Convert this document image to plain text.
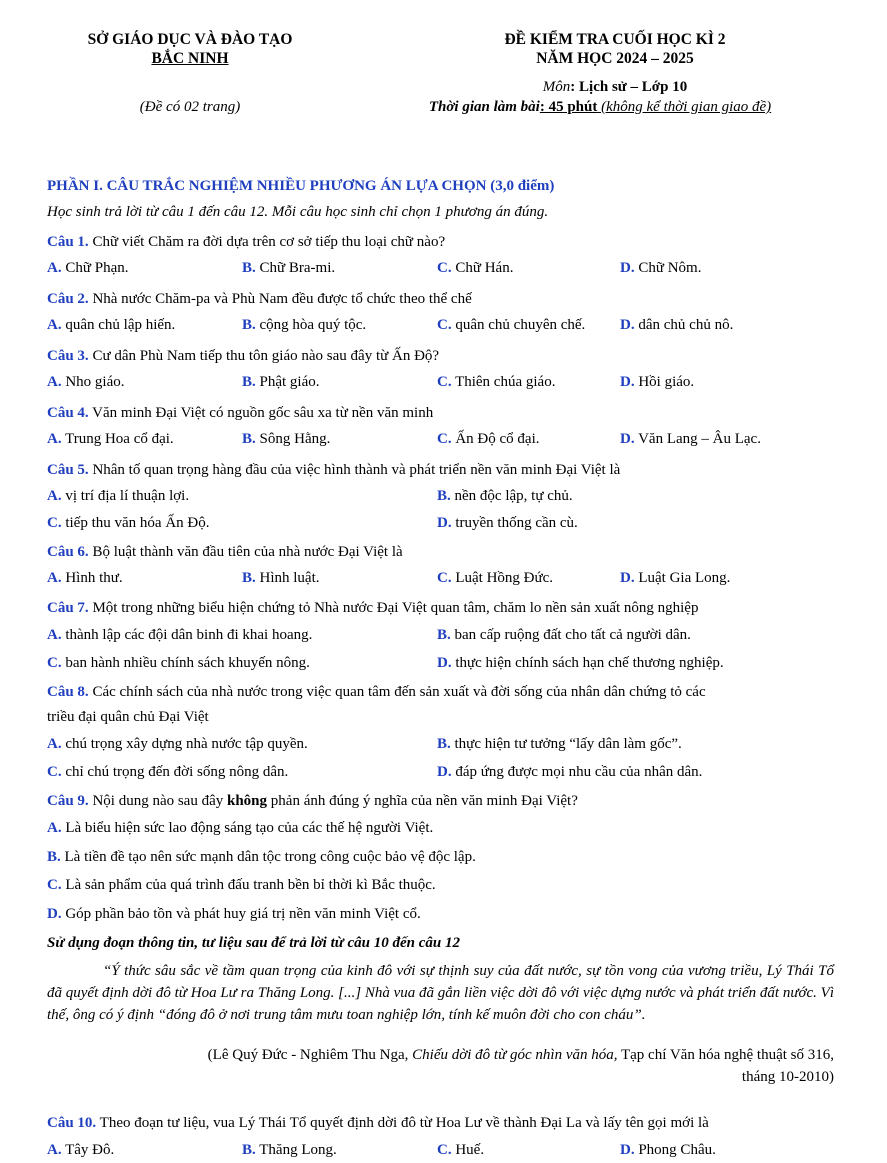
SỞ GIÁO DỤC VÀ ĐÀO TẠO
BẮC NINH
ĐỀ KIỂM TRA CUỐI HỌC KÌ 2
NĂM HỌC 2024 – 2025
Môn: Lịch sử – Lớp 10
(Đề có 02 trang)	Thời gian làm bài: 45 phút (không kể thời gian giao đề)
PHẦN I. CÂU TRẮC NGHIỆM NHIỀU PHƯƠNG ÁN LỰA CHỌN (3,0 điểm)
Học sinh trả lời từ câu 1 đến câu 12. Mỗi câu học sinh chỉ chọn 1 phương án đúng.
Câu 1. Chữ viết Chăm ra đời dựa trên cơ sở tiếp thu loại chữ nào?
A. Chữ Phạn.	B. Chữ Bra-mi.	C. Chữ Hán.	D. Chữ Nôm.
Câu 2. Nhà nước Chăm-pa và Phù Nam đều được tổ chức theo thể chế
A. quân chủ lập hiến.	B. cộng hòa quý tộc.	C. quân chủ chuyên chế. D. dân chủ chủ nô.
Câu 3. Cư dân Phù Nam tiếp thu tôn giáo nào sau đây từ Ấn Độ?
A. Nho giáo.	B. Phật giáo.	C. Thiên chúa giáo.	D. Hồi giáo.
Câu 4. Văn minh Đại Việt có nguồn gốc sâu xa từ nền văn minh
A. Trung Hoa cổ đại.	B. Sông Hằng.	C. Ấn Độ cổ đại.	D. Văn Lang – Âu Lạc.
Câu 5. Nhân tố quan trọng hàng đầu của việc hình thành và phát triển nền văn minh Đại Việt là
A. vị trí địa lí thuận lợi.	B. nền độc lập, tự chủ.
C. tiếp thu văn hóa Ấn Độ.	D. truyền thống cần cù.
Câu 6. Bộ luật thành văn đầu tiên của nhà nước Đại Việt là
A. Hình thư.	B. Hình luật.	C. Luật Hồng Đức.	D. Luật Gia Long.
Câu 7. Một trong những biểu hiện chứng tỏ Nhà nước Đại Việt quan tâm, chăm lo nền sản xuất nông nghiệp
A. thành lập các đội dân binh đi khai hoang.	B. ban cấp ruộng đất cho tất cả người dân.
C. ban hành nhiều chính sách khuyến nông.	D. thực hiện chính sách hạn chế thương nghiệp.
Câu 8. Các chính sách của nhà nước trong việc quan tâm đến sản xuất và đời sống của nhân dân chứng tỏ các
triều đại quân chủ Đại Việt
A. chú trọng xây dựng nhà nước tập quyền.	B. thực hiện tư tưởng “lấy dân làm gốc”.
C. chỉ chú trọng đến đời sống nông dân.	D. đáp ứng được mọi nhu cầu của nhân dân.
Câu 9. Nội dung nào sau đây không phản ánh đúng ý nghĩa của nền văn minh Đại Việt?
A. Là biểu hiện sức lao động sáng tạo của các thế hệ người Việt.
B. Là tiền đề tạo nên sức mạnh dân tộc trong công cuộc bảo vệ độc lập.
C. Là sản phẩm của quá trình đấu tranh bền bỉ thời kì Bắc thuộc.
D. Góp phần bảo tồn và phát huy giá trị nền văn minh Việt cổ.
Câu 10. Theo đoạn tư liệu, vua Lý Thái Tổ quyết định dời đô từ Hoa Lư về thành Đại La và lấy tên gọi mới là
A. Tây Đô.	B. Thăng Long.	C. Huế.	D. Phong Châu.
Sử dụng đoạn thông tin, tư liệu sau để trả lời từ câu 10 đến câu 12
“Ý thức sâu sắc về tầm quan trọng của kinh đô với sự thịnh suy của đất nước, sự tồn vong của vương triều, Lý Thái Tổ đã quyết định dời đô từ Hoa Lư ra Thăng Long. [...] Nhà vua đã gắn liền việc dời đô với việc dựng nước và phát triển đất nước. Vì thế, ông có ý định “đóng đô ở nơi trung tâm mưu toan nghiệp lớn, tính kế muôn đời cho con cháu”.
(Lê Quý Đức - Nghiêm Thu Nga, Chiếu dời đô từ góc nhìn văn hóa, Tạp chí Văn hóa nghệ thuật số 316,
tháng 10-2010)
